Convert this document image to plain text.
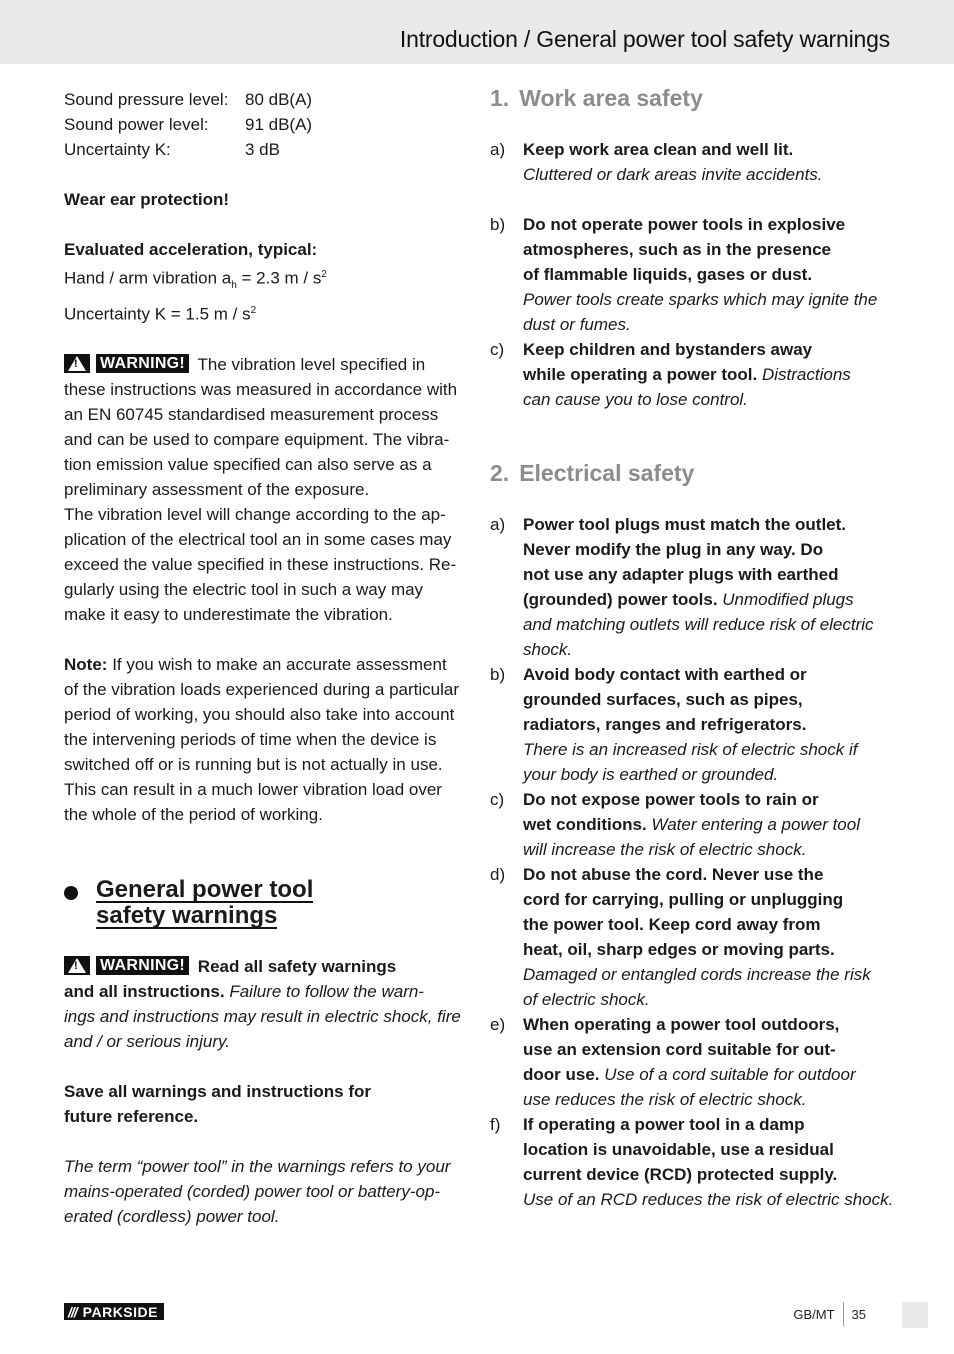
Introduction / General power tool safety warnings
Sound pressure level: 80 dB(A)
Sound power level:	91 dB(A)
Uncertainty K:	3 dB

Wear ear protection!

Evaluated acceleration, typical:

Hand / arm vibration $a_h = 2.3$ m / $s^2$

Uncertainty K = 1.5 m / $s^2$

!
WARNING! The vibration level specified in

these instructions was measured in accordance with

an EN 60745 standardised measurement process

and can be used to compare equipment. The vibra-

tion emission value specified can also serve as a

preliminary assessment of the exposure.

The vibration level will change according to the ap-

plication of the electrical tool an in some cases may

exceed the value specified in these instructions. Re-

gularly using the electric tool in such a way may

make it easy to underestimate the vibration.

Note: If you wish to make an accurate assessment

of the vibration loads experienced during a particular

period of working, you should also take into account

the intervening periods of time when the device is

switched off or is running but is not actually in use.

This can result in a much lower vibration load over

the whole of the period of working.

General power tool
safety warnings

!
WARNING! Read all safety warnings

and all instructions. Failure to follow the warn-

ings and instructions may result in electric shock, fire

and / or serious injury.

Save all warnings and instructions for

future reference.

The term “power tool” in the warnings refers to your

mains-operated (corded) power tool or battery-op-

erated (cordless) power tool.

1. Work area safety
a)	Keep work area clean and well lit.

Cluttered or dark areas invite accidents.

b)	Do not operate power tools in explosive

atmospheres, such as in the presence

of flammable liquids, gases or dust.

Power tools create sparks which may ignite the

dust or fumes.

c)	Keep children and bystanders away

while operating a power tool. Distractions

can cause you to lose control.

2. Electrical safety
a)	Power tool plugs must match the outlet.

Never modify the plug in any way. Do

not use any adapter plugs with earthed

(grounded) power tools. Unmodified plugs

and matching outlets will reduce risk of electric

shock.

b)	Avoid body contact with earthed or

grounded surfaces, such as pipes,

radiators, ranges and refrigerators.

There is an increased risk of electric shock if

your body is earthed or grounded.

c)	Do not expose power tools to rain or

wet conditions. Water entering a power tool

will increase the risk of electric shock.

d)	Do not abuse the cord. Never use the

cord for carrying, pulling or unplugging

the power tool. Keep cord away from

heat, oil, sharp edges or moving parts.

Damaged or entangled cords increase the risk

of electric shock.

e)	When operating a power tool outdoors,

use an extension cord suitable for out-

door use. Use of a cord suitable for outdoor

use reduces the risk of electric shock.

f)	If operating a power tool in a damp

location is unavoidable, use a residual

current device (RCD) protected supply.

Use of an RCD reduces the risk of electric shock.

/// PARKSIDE	GB/MT 35
